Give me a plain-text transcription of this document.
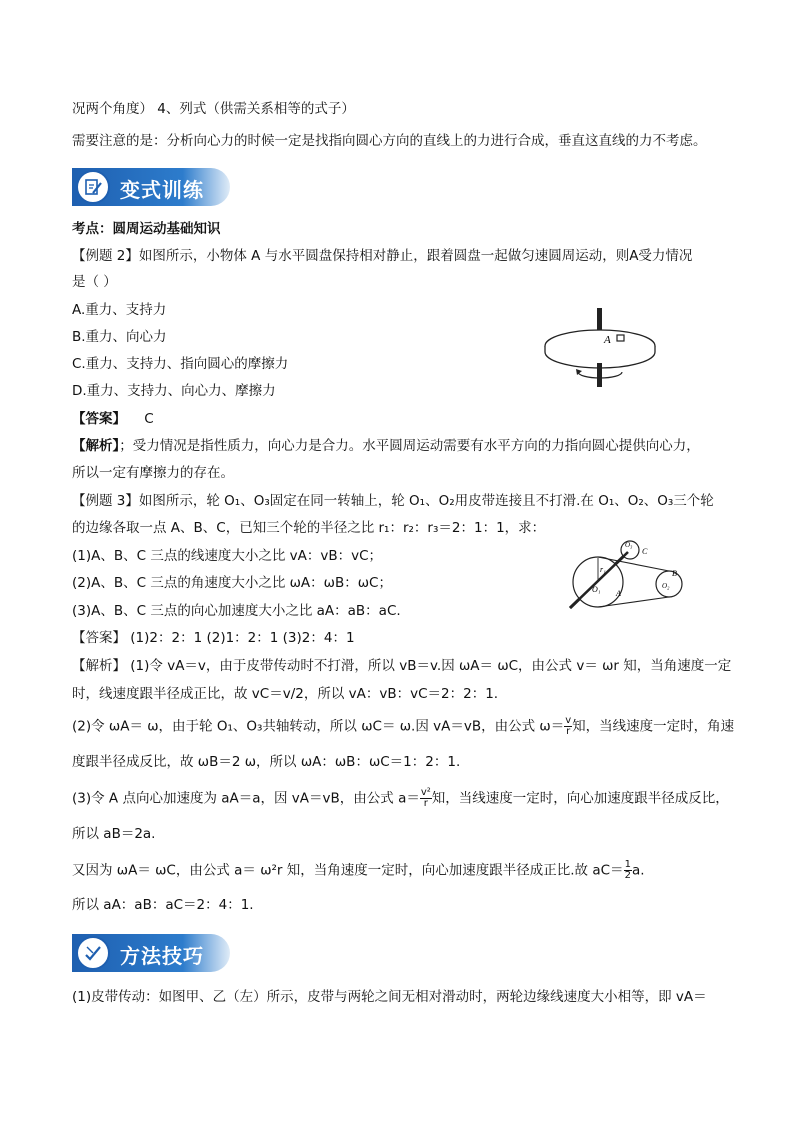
况两个角度） 4、列式（供需关系相等的式子）
需要注意的是：分析向心力的时候一定是找指向圆心方向的直线上的力进行合成，垂直这直线的力不考虑。
变式训练
考点：圆周运动基础知识
【例题 2】如图所示，小物体 A 与水平圆盘保持相对静止，跟着圆盘一起做匀速圆周运动，则A受力情况
是（ ）
A.重力、支持力
B.重力、向心力
C.重力、支持力、指向圆心的摩擦力
D.重力、支持力、向心力、摩擦力
【答案】 C
【解析】；受力情况是指性质力，向心力是合力。水平圆周运动需要有水平方向的力指向圆心提供向心力，
所以一定有摩擦力的存在。
A
【例题 3】如图所示，轮 O₁、O₃固定在同一转轴上，轮 O₁、O₂用皮带连接且不打滑.在 O₁、O₂、O₃三个轮
的边缘各取一点 A、B、C，已知三个轮的半径之比 r₁：r₂：r₃＝2：1：1，求：
(1)A、B、C 三点的线速度大小之比 vA：vB：vC；
(2)A、B、C 三点的角速度大小之比 ωA：ωB：ωC；
(3)A、B、C 三点的向心加速度大小之比 aA：aB：aC.
【答案】 (1)2：2：1 (2)1：2：1 (3)2：4：1
【解析】 (1)令 vA＝v，由于皮带传动时不打滑，所以 vB＝v.因 ωA＝ ωC，由公式 v＝ ωr 知，当角速度一定
时，线速度跟半径成正比，故 vC＝v/2，所以 vA：vB：vC＝2：2：1.
(2)令 ωA＝ ω，由于轮 O₁、O₃共轴转动，所以 ωC＝ ω.因 vA＝vB，由公式 $\omega= \frac{v}{r}$ 知，当线速度一定时，角速
度跟半径成反比，故 ωB＝2 ω，所以 ωA：ωB：ωC＝1：2：1.
(3)令 A 点向心加速度为 aA＝a，因 vA＝vB，由公式 $a= \frac{\text{v²}}{r}$ 知，当线速度一定时，向心加速度跟半径成反比，
所以 aB＝2a.
又因为 ωA＝ ωC，由公式 a＝ ω²r 知，当角速度一定时，向心加速度跟半径成正比.故 $aC= \frac{1}{2} a$.
所以 aA：aB：aC＝2：4：1.
r₁
O₁ A
O₃
C
O₂
B
方法技巧
(1)皮带传动：如图甲、乙（左）所示，皮带与两轮之间无相对滑动时，两轮边缘线速度大小相等，即 vA＝
